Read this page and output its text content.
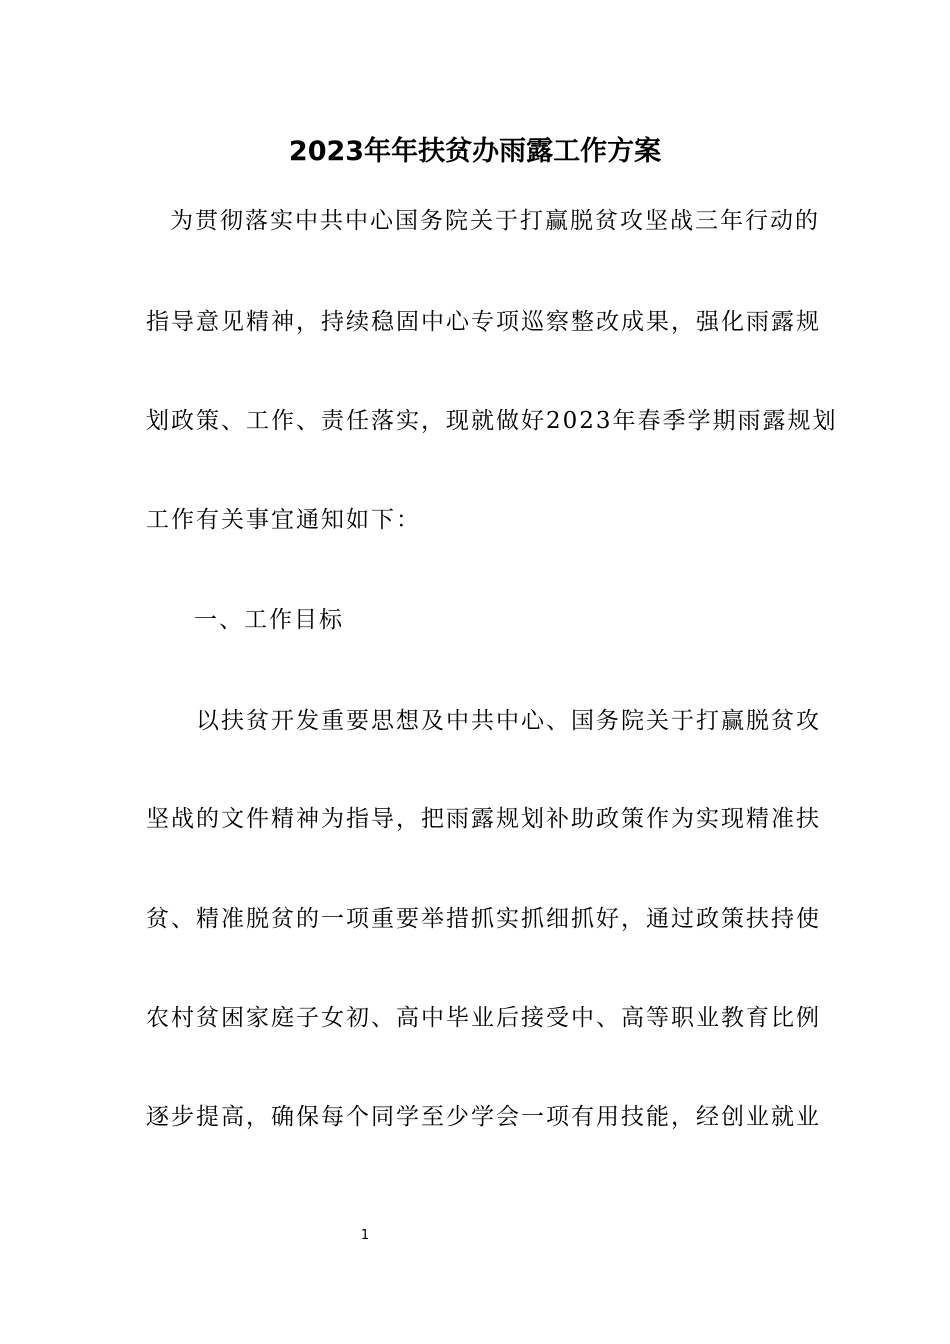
2023年年扶贫办雨露工作方案
为贯彻落实中共中心国务院关于打赢脱贫攻坚战三年行动的
指导意见精神，持续稳固中心专项巡察整改成果，强化雨露规
划政策、工作、责任落实，现就做好2023年春季学期雨露规划
工作有关事宜通知如下：
一、工作目标
以扶贫开发重要思想及中共中心、国务院关于打赢脱贫攻
坚战的文件精神为指导，把雨露规划补助政策作为实现精准扶
贫、精准脱贫的一项重要举措抓实抓细抓好，通过政策扶持使
农村贫困家庭子女初、高中毕业后接受中、高等职业教育比例
逐步提高，确保每个同学至少学会一项有用技能，经创业就业
1
